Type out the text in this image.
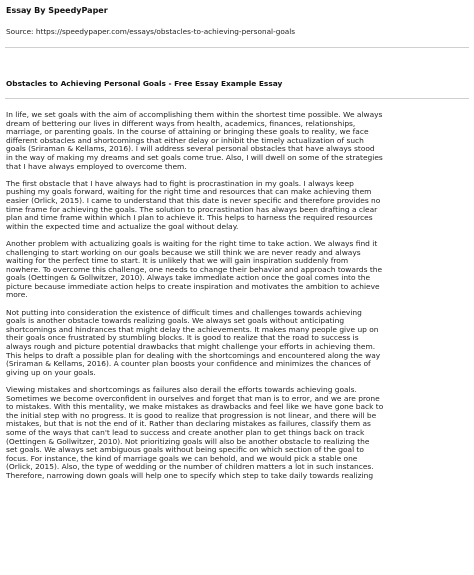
Essay By SpeedyPaper
Source: https://speedypaper.com/essays/obstacles-to-achieving-personal-goals
Obstacles to Achieving Personal Goals - Free Essay Example Essay
In life, we set goals with the aim of accomplishing them within the shortest time possible. We always
dream of bettering our lives in different ways from health, academics, finances, relationships,
marriage, or parenting goals. In the course of attaining or bringing these goals to reality, we face
different obstacles and shortcomings that either delay or inhibit the timely actualization of such
goals (Sriraman & Kellams, 2016). I will address several personal obstacles that have always stood
in the way of making my dreams and set goals come true. Also, I will dwell on some of the strategies
that I have always employed to overcome them.
The first obstacle that I have always had to fight is procrastination in my goals. I always keep
pushing my goals forward, waiting for the right time and resources that can make achieving them
easier (Orlick, 2015). I came to understand that this date is never specific and therefore provides no
time frame for achieving the goals. The solution to procrastination has always been drafting a clear
plan and time frame within which I plan to achieve it. This helps to harness the required resources
within the expected time and actualize the goal without delay.
Another problem with actualizing goals is waiting for the right time to take action. We always find it
challenging to start working on our goals because we still think we are never ready and always
waiting for the perfect time to start. It is unlikely that we will gain inspiration suddenly from
nowhere. To overcome this challenge, one needs to change their behavior and approach towards the
goals (Oettingen & Gollwitzer, 2010). Always take immediate action once the goal comes into the
picture because immediate action helps to create inspiration and motivates the ambition to achieve
more.
Not putting into consideration the existence of difficult times and challenges towards achieving
goals is another obstacle towards realizing goals. We always set goals without anticipating
shortcomings and hindrances that might delay the achievements. It makes many people give up on
their goals once frustrated by stumbling blocks. It is good to realize that the road to success is
always rough and picture potential drawbacks that might challenge your efforts in achieving them.
This helps to draft a possible plan for dealing with the shortcomings and encountered along the way
(Sriraman & Kellams, 2016). A counter plan boosts your confidence and minimizes the chances of
giving up on your goals.
Viewing mistakes and shortcomings as failures also derail the efforts towards achieving goals.
Sometimes we become overconfident in ourselves and forget that man is to error, and we are prone
to mistakes. With this mentality, we make mistakes as drawbacks and feel like we have gone back to
the initial step with no progress. It is good to realize that progression is not linear, and there will be
mistakes, but that is not the end of it. Rather than declaring mistakes as failures, classify them as
some of the ways that can't lead to success and create another plan to get things back on track
(Oettingen & Gollwitzer, 2010). Not prioritizing goals will also be another obstacle to realizing the
set goals. We always set ambiguous goals without being specific on which section of the goal to
focus. For instance, the kind of marriage goals we can behold, and we would pick a stable one
(Orlick, 2015). Also, the type of wedding or the number of children matters a lot in such instances.
Therefore, narrowing down goals will help one to specify which step to take daily towards realizing
